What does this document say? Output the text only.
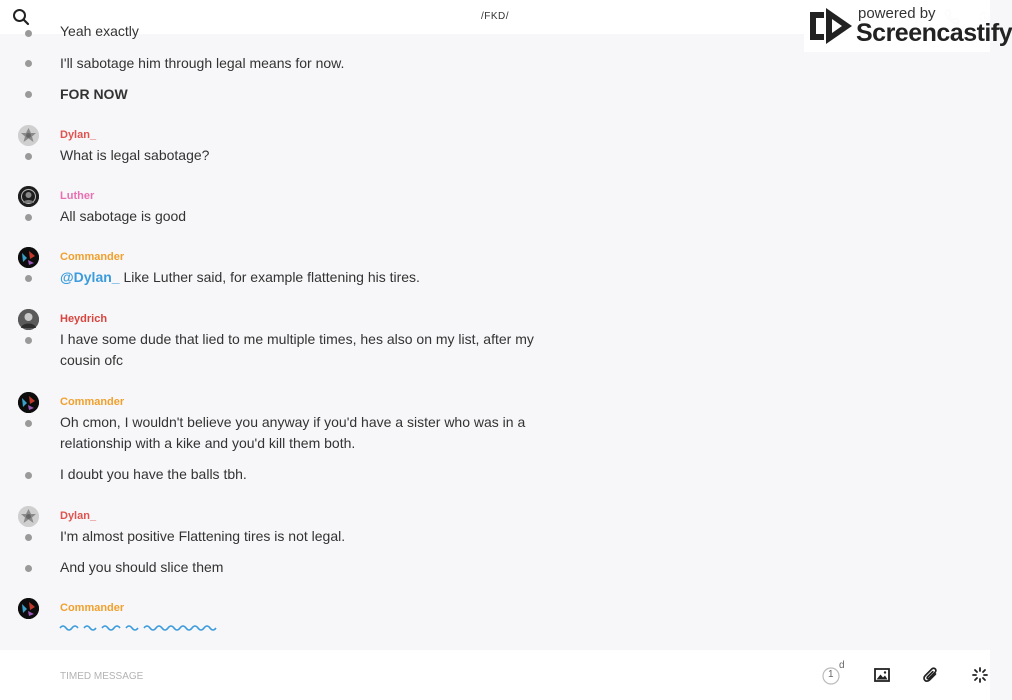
/FKD/	powered by
Screencastify
Yeah exactly
I'll sabotage him through legal means for now.
FOR NOW
Dylan_
What is legal sabotage?
Luther
All sabotage is good
Commander
@Dylan_ Like Luther said, for example flattening his tires.
Heydrich
I have some dude that lied to me multiple times, hes also on my list, after my cousin ofc
Commander
Oh cmon, I wouldn't believe you anyway if you'd have a sister who was in a relationship with a kike and you'd kill them both.
I doubt you have the balls tbh.
Dylan_
I'm almost positive Flattening tires is not legal.
And you should slice them
Commander
TIMED MESSAGE
1
d
